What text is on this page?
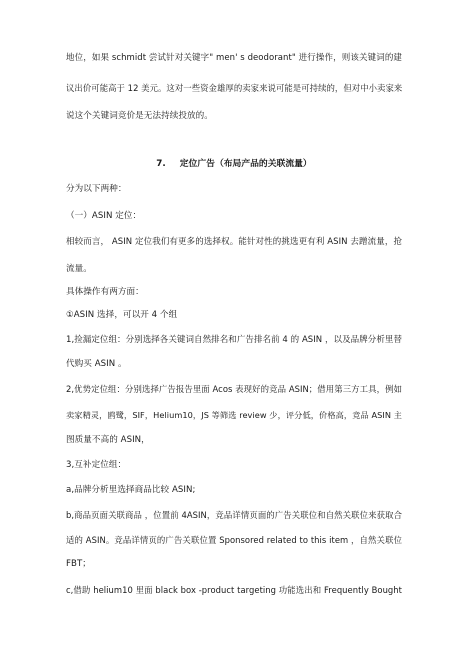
地位，如果 schmidt 尝试针对关键字" men' s deodorant" 进行操作，则该关键词的建
议出价可能高于 12 美元。这对一些资金雄厚的卖家来说可能是可持续的，但对中小卖家来
说这个关键词竞价是无法持续投放的。
7. 定位广告（布局产品的关联流量）
分为以下两种：
（一）ASIN 定位：
相较而言， ASIN 定位我们有更多的选择权。能针对性的挑选更有利 ASIN 去蹭流量，抢
流量。
具体操作有两方面：
①ASIN 选择，可以开 4 个组
1,捡漏定位组：分别选择各关键词自然排名和广告排名前 4 的 ASIN ，以及品牌分析里替
代购买 ASIN 。
2,优势定位组：分别选择广告报告里面 Acos 表现好的竞品 ASIN；借用第三方工具，例如
卖家精灵，鸥鹭，SIF，Helium10，JS 等筛选 review 少，评分低，价格高，竞品 ASIN 主
图质量不高的 ASIN，
3,互补定位组：
a,品牌分析里选择商品比较 ASIN;
b,商品页面关联商品 ，位置前 4ASIN，竞品详情页面的广告关联位和自然关联位来获取合
适的 ASIN。竞品详情页的广告关联位置 Sponsored related to this item ，自然关联位
FBT；
c,借助 helium10 里面 black box -product targeting 功能选出和 Frequently Bought
